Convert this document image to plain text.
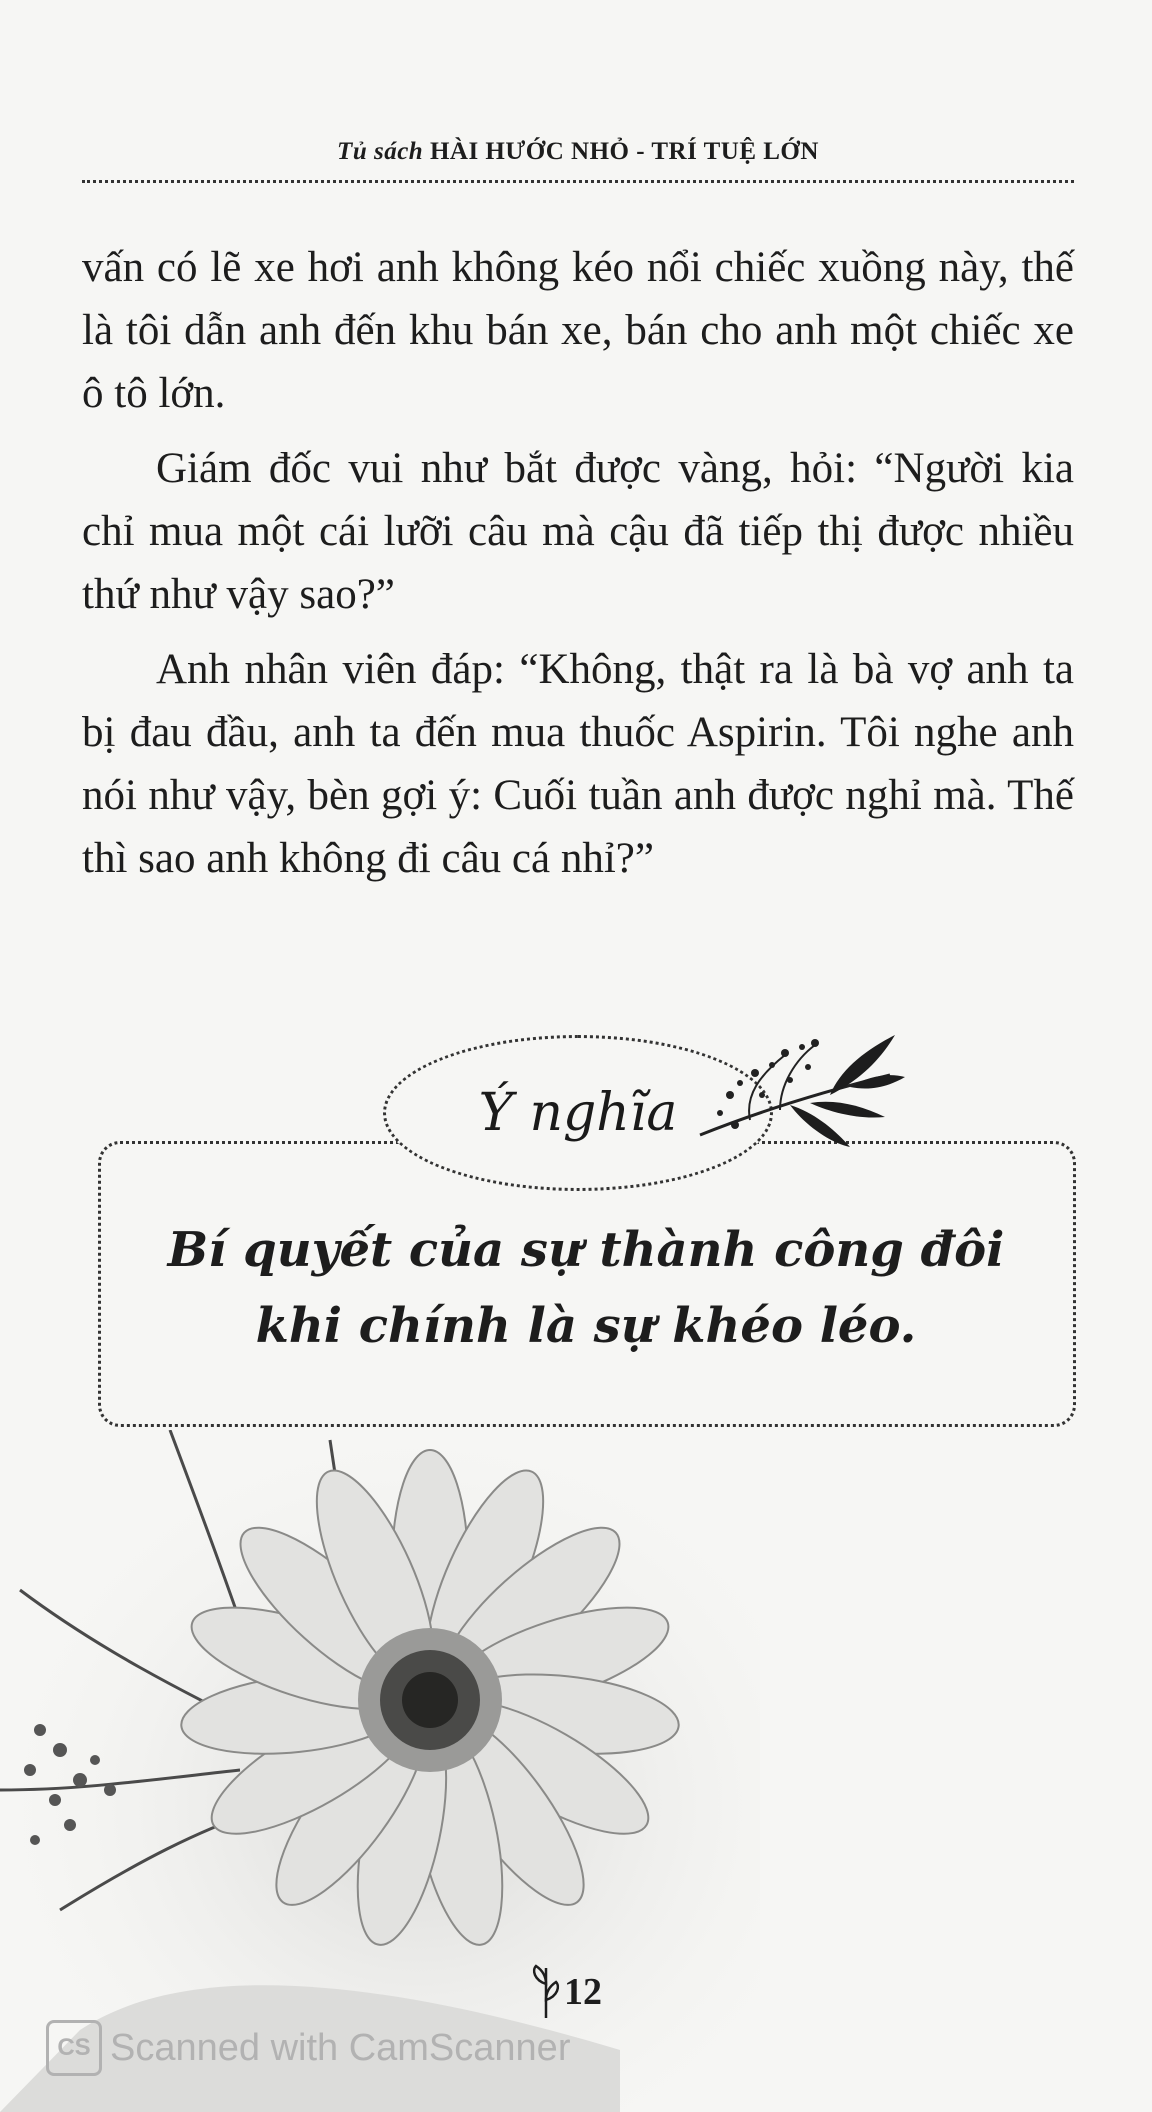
Tủ sách HÀI HƯỚC NHỎ - TRÍ TUỆ LỚN

vấn có lẽ xe hơi anh không kéo nổi chiếc xuồng này, thế là tôi dẫn anh đến khu bán xe, bán cho anh một chiếc xe ô tô lớn.

Giám đốc vui như bắt được vàng, hỏi: “Người kia chỉ mua một cái lưỡi câu mà cậu đã tiếp thị được nhiều thứ như vậy sao?”

Anh nhân viên đáp: “Không, thật ra là bà vợ anh ta bị đau đầu, anh ta đến mua thuốc Aspirin. Tôi nghe anh nói như vậy, bèn gợi ý: Cuối tuần anh được nghỉ mà. Thế thì sao anh không đi câu cá nhỉ?”

Ý nghĩa
Bí quyết của sự thành công đôi khi chính là sự khéo léo.
12
CS Scanned with CamScanner
